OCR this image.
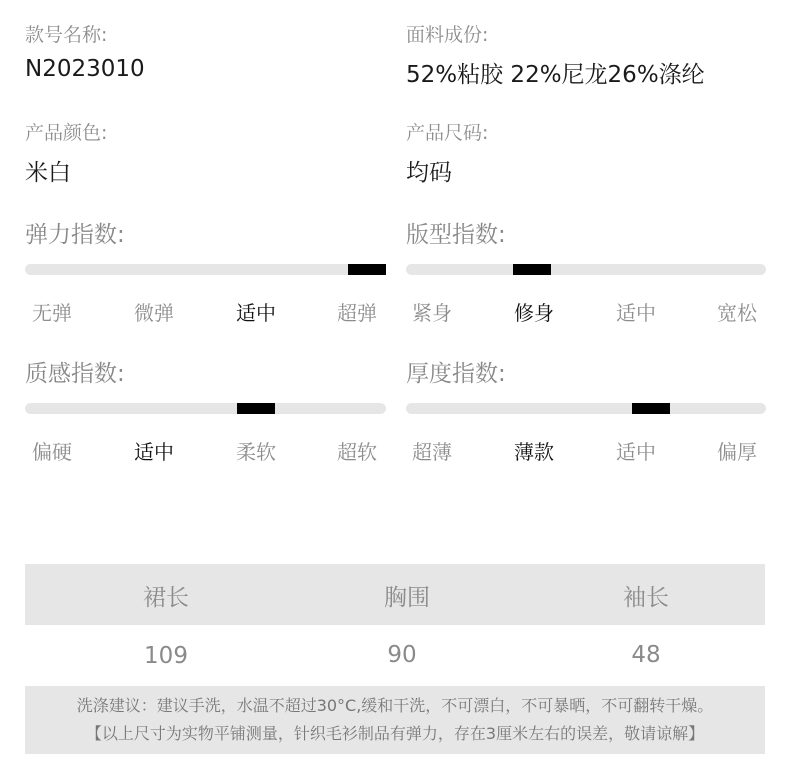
款号名称:
N2023010
面料成份:
52%粘胶 22%尼龙26%涤纶
产品颜色:
米白
产品尺码:
均码
弹力指数:
无弹	微弹	适中	超弹
版型指数:
紧身	修身	适中	宽松
质感指数:
偏硬	适中	柔软	超软
厚度指数:
超薄	薄款	适中	偏厚
裙长	胸围	袖长
109	90	48
洗涤建议：建议手洗，水温不超过30°C,缓和干洗，不可漂白，不可暴晒，不可翻转干燥。
【以上尺寸为实物平铺测量，针织毛衫制品有弹力，存在3厘米左右的误差，敬请谅解】
